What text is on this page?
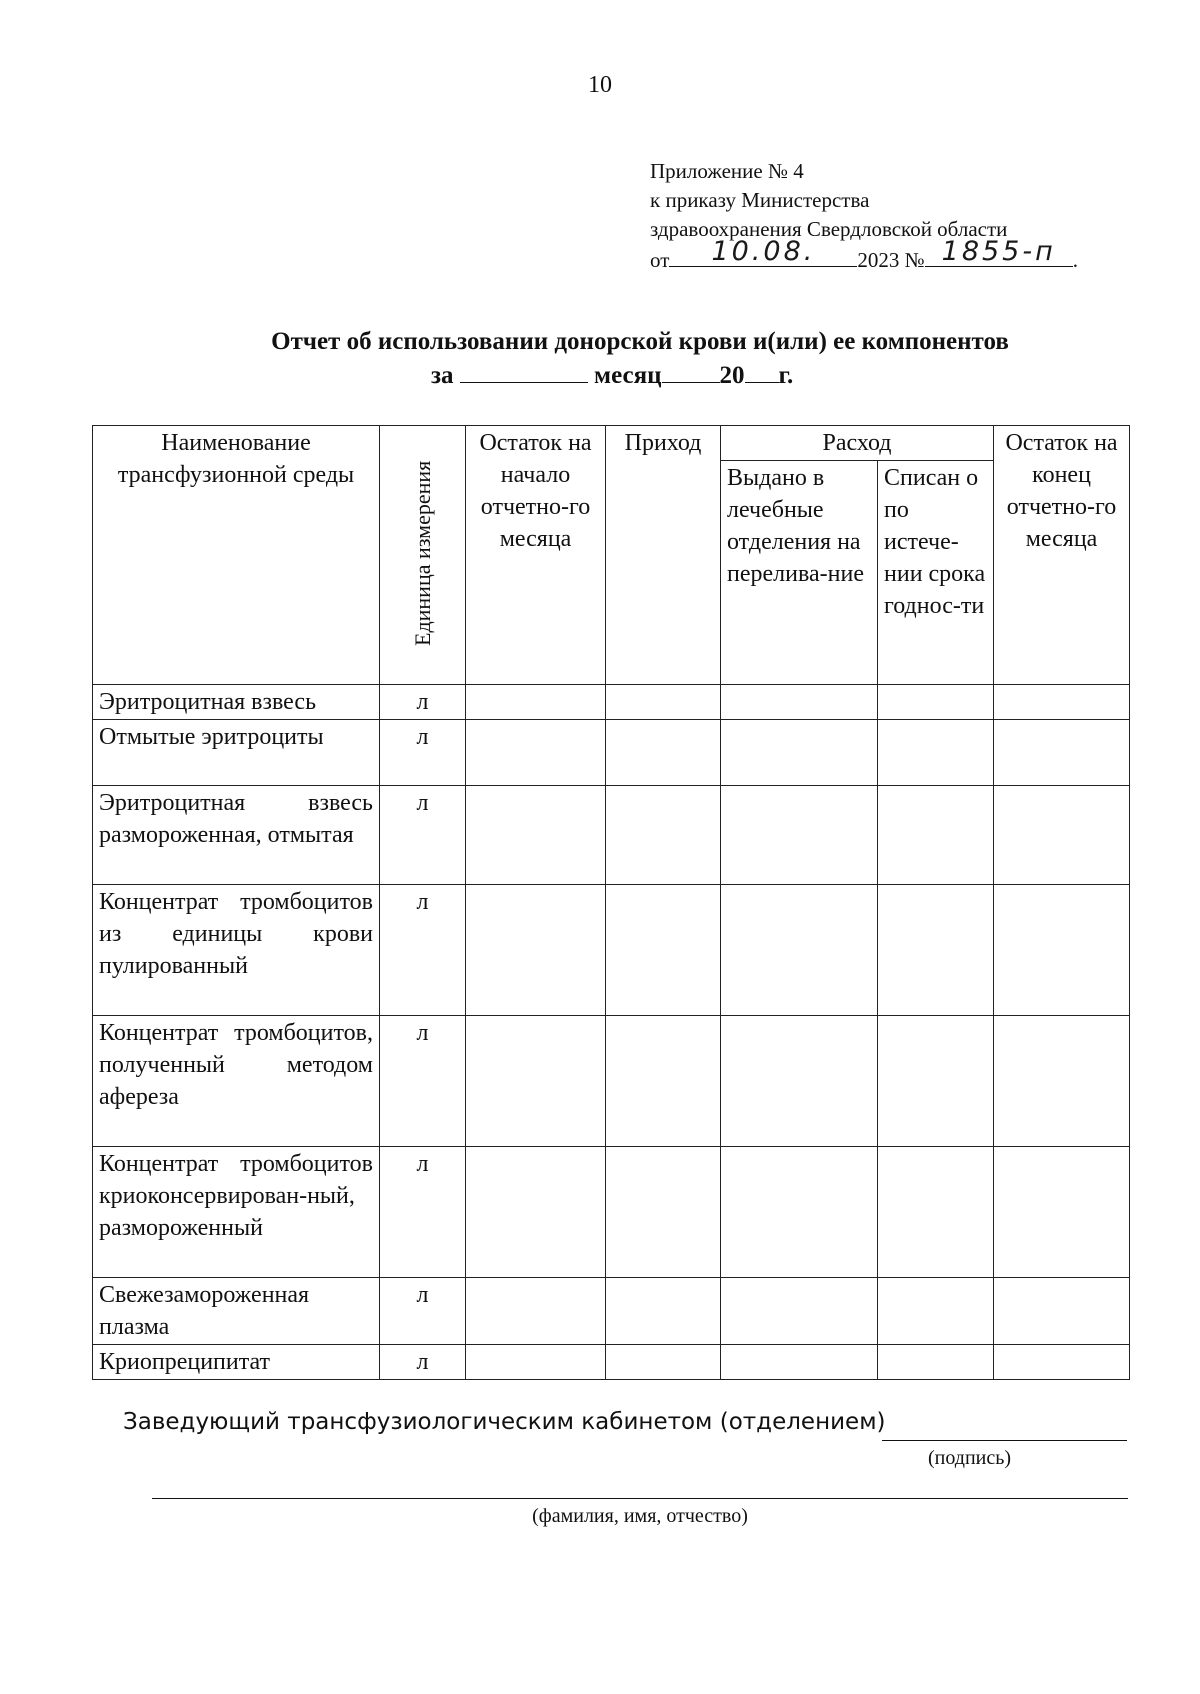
10
Приложение № 4
к приказу Министерства
здравоохранения Свердловской области
от	10.08.	2023 № 1855-п .
Отчет об использовании донорской крови и(или) ее компонентов
за	месяц 20 г.
Наименование трансфузионной среды	Единица измерения	Остаток на начало отчетно-го месяца	Приход	Расход		Остаток на конец отчетно-го месяца
				Выдано в лечебные отделения на перелива-ние	Списан о по истече-нии срока годнос-ти	
Эритроцитная взвесь	л					
Отмытые эритроциты	л					
Эритроцитная взвесь размороженная, отмытая	л					
Концентрат тромбоцитов из единицы крови пулированный	л					
Концентрат тромбоцитов, полученный методом афереза	л					
Концентрат тромбоцитов криоконсервирован-ный, размороженный	л					
Свежезамороженная плазма	л					
Криопреципитат	л					
Заведующий трансфузиологическим кабинетом (отделением)
(подпись)
(фамилия, имя, отчество)
